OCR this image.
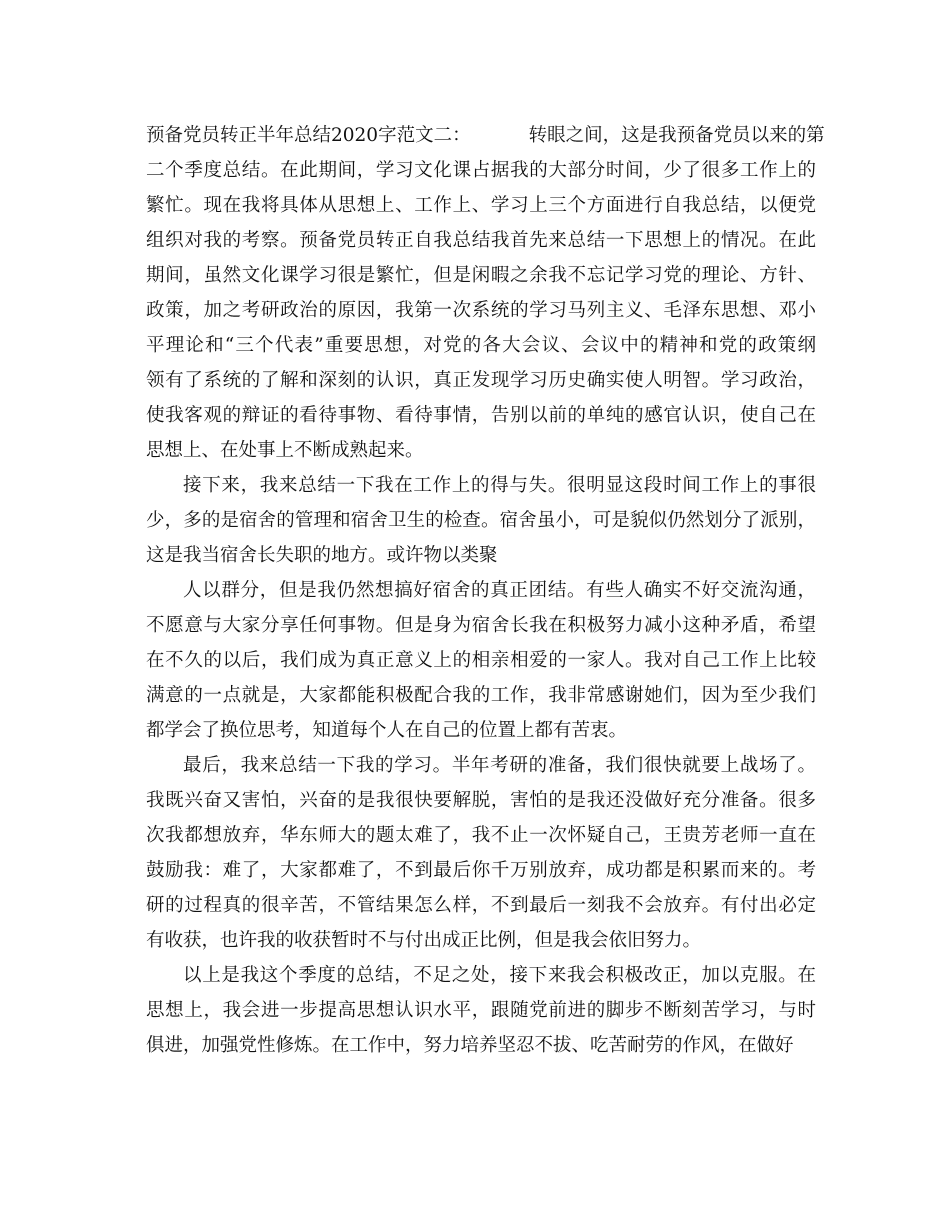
预备党员转正半年总结2020字范文二：	转眼之间，这是我预备党员以来的第
二个季度总结。在此期间，学习文化课占据我的大部分时间，少了很多工作上的
繁忙。现在我将具体从思想上、工作上、学习上三个方面进行自我总结，以便党
组织对我的考察。预备党员转正自我总结我首先来总结一下思想上的情况。在此
期间，虽然文化课学习很是繁忙，但是闲暇之余我不忘记学习党的理论、方针、
政策，加之考研政治的原因，我第一次系统的学习马列主义、毛泽东思想、邓小
平理论和“三个代表”重要思想，对党的各大会议、会议中的精神和党的政策纲
领有了系统的了解和深刻的认识，真正发现学习历史确实使人明智。学习政治，
使我客观的辩证的看待事物、看待事情，告别以前的单纯的感官认识，使自己在
思想上、在处事上不断成熟起来。
接下来，我来总结一下我在工作上的得与失。很明显这段时间工作上的事很
少，多的是宿舍的管理和宿舍卫生的检查。宿舍虽小，可是貌似仍然划分了派别，
这是我当宿舍长失职的地方。或许物以类聚
人以群分，但是我仍然想搞好宿舍的真正团结。有些人确实不好交流沟通，
不愿意与大家分享任何事物。但是身为宿舍长我在积极努力减小这种矛盾，希望
在不久的以后，我们成为真正意义上的相亲相爱的一家人。我对自己工作上比较
满意的一点就是，大家都能积极配合我的工作，我非常感谢她们，因为至少我们
都学会了换位思考，知道每个人在自己的位置上都有苦衷。
最后，我来总结一下我的学习。半年考研的准备，我们很快就要上战场了。
我既兴奋又害怕，兴奋的是我很快要解脱，害怕的是我还没做好充分准备。很多
次我都想放弃，华东师大的题太难了，我不止一次怀疑自己，王贵芳老师一直在
鼓励我：难了，大家都难了，不到最后你千万别放弃，成功都是积累而来的。考
研的过程真的很辛苦，不管结果怎么样，不到最后一刻我不会放弃。有付出必定
有收获，也许我的收获暂时不与付出成正比例，但是我会依旧努力。
以上是我这个季度的总结，不足之处，接下来我会积极改正，加以克服。在
思想上，我会进一步提高思想认识水平，跟随党前进的脚步不断刻苦学习，与时
俱进，加强党性修炼。在工作中，努力培养坚忍不拔、吃苦耐劳的作风，在做好
